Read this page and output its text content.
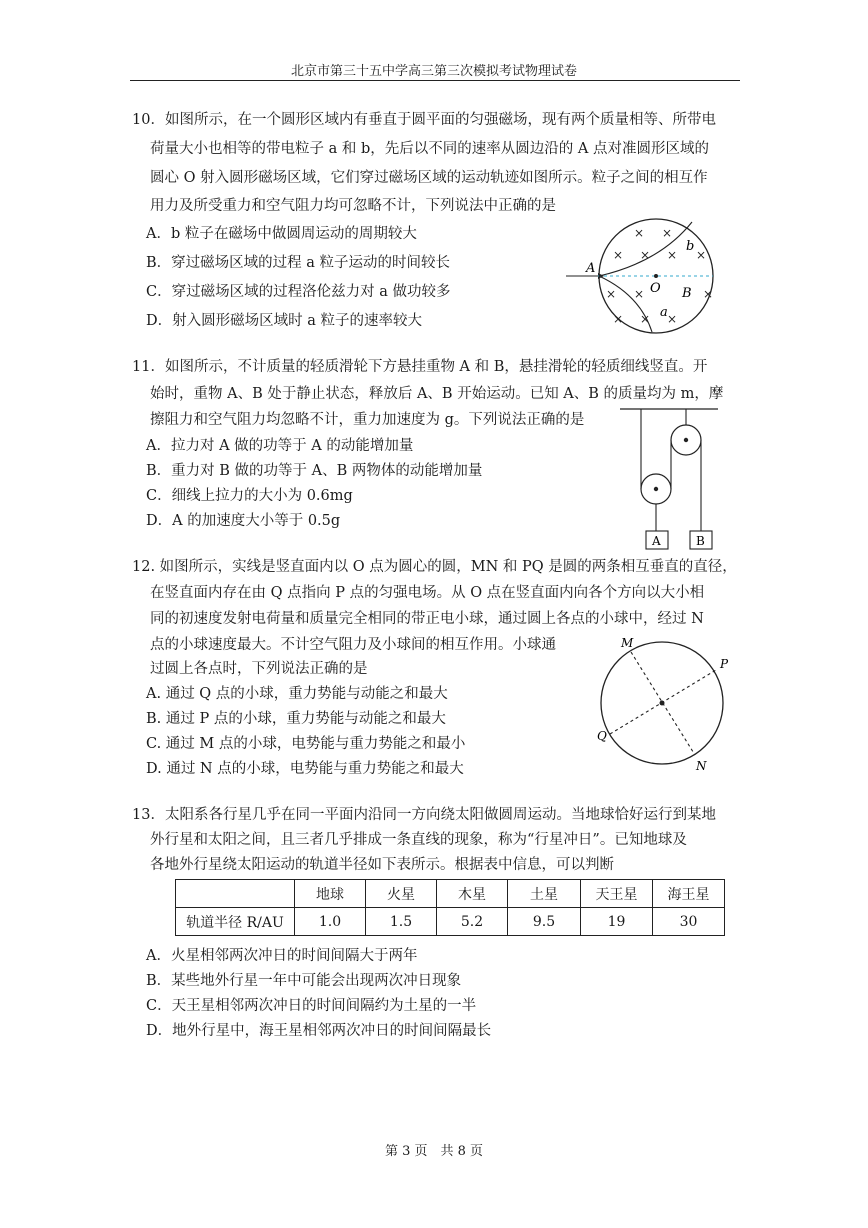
北京市第三十五中学高三第三次模拟考试物理试卷
10．如图所示，在一个圆形区域内有垂直于圆平面的匀强磁场，现有两个质量相等、所带电
荷量大小也相等的带电粒子 a 和 b，先后以不同的速率从圆边沿的 A 点对准圆形区域的
圆心 O 射入圆形磁场区域，它们穿过磁场区域的运动轨迹如图所示。粒子之间的相互作
用力及所受重力和空气阻力均可忽略不计，下列说法中正确的是
A．b 粒子在磁场中做圆周运动的周期较大
B．穿过磁场区域的过程 a 粒子运动的时间较长
C．穿过磁场区域的过程洛伦兹力对 a 做功较多
D．射入圆形磁场区域时 a 粒子的速率较大
A
O B
a
b
× ×
× × × ×
× ×	×
× × ×
11．如图所示，不计质量的轻质滑轮下方悬挂重物 A 和 B，悬挂滑轮的轻质细线竖直。开
始时，重物 A、B 处于静止状态，释放后 A、B 开始运动。已知 A、B 的质量均为 m，摩
擦阻力和空气阻力均忽略不计，重力加速度为 g。下列说法正确的是
A．拉力对 A 做的功等于 A 的动能增加量
B．重力对 B 做的功等于 A、B 两物体的动能增加量
C．细线上拉力的大小为 0.6mg
D．A 的加速度大小等于 0.5g
A	B
12. 如图所示，实线是竖直面内以 O 点为圆心的圆，MN 和 PQ 是圆的两条相互垂直的直径，
在竖直面内存在由 Q 点指向 P 点的匀强电场。从 O 点在竖直面内向各个方向以大小相
同的初速度发射电荷量和质量完全相同的带正电小球，通过圆上各点的小球中，经过 N
点的小球速度最大。不计空气阻力及小球间的相互作用。小球通
过圆上各点时，下列说法正确的是
A. 通过 Q 点的小球，重力势能与动能之和最大
B. 通过 P 点的小球，重力势能与动能之和最大
C. 通过 M 点的小球，电势能与重力势能之和最小
D. 通过 N 点的小球，电势能与重力势能之和最大
M
P
Q
N
13．太阳系各行星几乎在同一平面内沿同一方向绕太阳做圆周运动。当地球恰好运行到某地
外行星和太阳之间，且三者几乎排成一条直线的现象，称为“行星冲日”。已知地球及
各地外行星绕太阳运动的轨道半径如下表所示。根据表中信息，可以判断
	地球	火星	木星	土星	天王星	海王星
轨道半径 R/AU	1.0	1.5	5.2	9.5	19	30
A．火星相邻两次冲日的时间间隔大于两年
B．某些地外行星一年中可能会出现两次冲日现象
C．天王星相邻两次冲日的时间间隔约为土星的一半
D．地外行星中，海王星相邻两次冲日的时间间隔最长
第 3 页　共 8 页
